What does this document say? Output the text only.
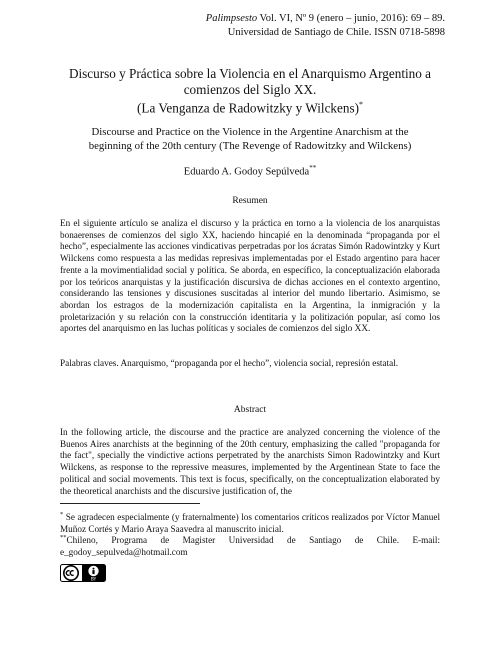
Palimpsesto Vol. VI, Nº 9 (enero – junio, 2016): 69 – 89.
Universidad de Santiago de Chile. ISSN 0718-5898
Discurso y Práctica sobre la Violencia en el Anarquismo Argentino a
comienzos del Siglo XX.
(La Venganza de Radowitzky y Wilckens)*
Discourse and Practice on the Violence in the Argentine Anarchism at the
beginning of the 20th century (The Revenge of Radowitzky and Wilckens)
Eduardo A. Godoy Sepúlveda**
Resumen

En el siguiente artículo se analiza el discurso y la práctica en torno a la violencia de los anarquistas bonaerenses de comienzos del siglo XX, haciendo hincapié en la denominada “propaganda por el hecho”, especialmente las acciones vindicativas perpetradas por los ácratas Simón Radowintzky y Kurt Wilckens como respuesta a las medidas represivas implementadas por el Estado argentino para hacer frente a la movimentialidad social y política. Se aborda, en específico, la conceptualización elaborada por los teóricos anarquistas y la justificación discursiva de dichas acciones en el contexto argentino, considerando las tensiones y discusiones suscitadas al interior del mundo libertario. Asimismo, se abordan los estragos de la modernización capitalista en la Argentina, la inmigración y la proletarización y su relación con la construcción identitaria y la politización popular, así como los aportes del anarquismo en las luchas políticas y sociales de comienzos del siglo XX.

Palabras claves. Anarquismo, “propaganda por el hecho”, violencia social, represión estatal.

Abstract

In the following article, the discourse and the practice are analyzed concerning the violence of the Buenos Aires anarchists at the beginning of the 20th century, emphasizing the called "propaganda for the fact", specially the vindictive actions perpetrated by the anarchists Simon Radowintzky and Kurt Wilckens, as response to the repressive measures, implemented by the Argentinean State to face the political and social movements. This text is focus, specifically, on the conceptualization elaborated by the theoretical anarchists and the discursive justification of, the

* Se agradecen especialmente (y fraternalmente) los comentarios críticos realizados por Víctor Manuel Muñoz Cortés y Mario Araya Saavedra al manuscrito inicial.

**Chileno, Programa de Magister Universidad de Santiago de Chile. E-mail: e_godoy_sepulveda@hotmail.com

BY
